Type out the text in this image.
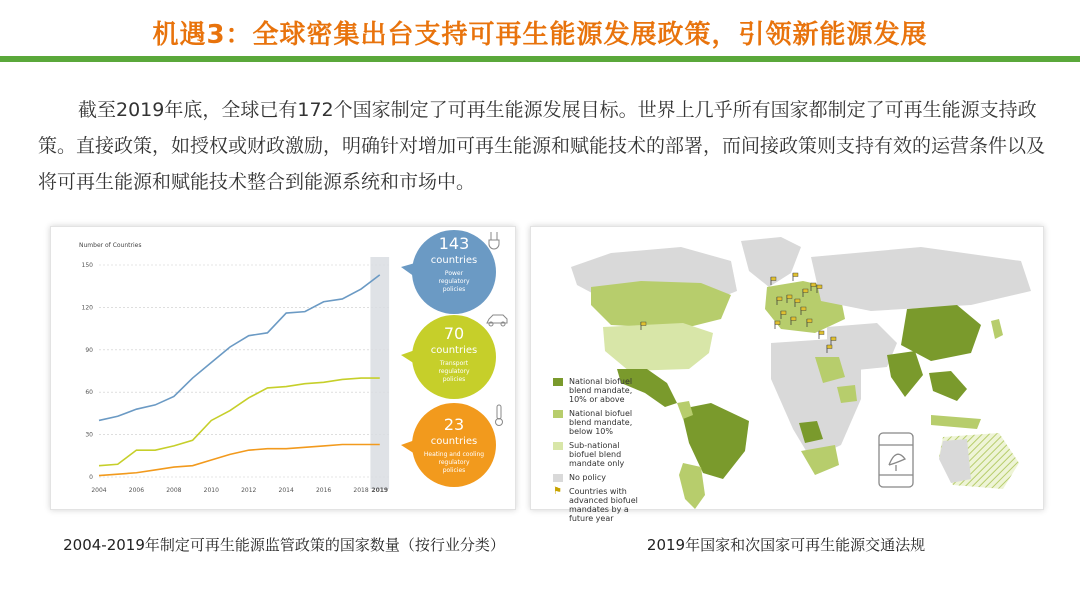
机遇3：全球密集出台支持可再生能源发展政策，引领新能源发展
截至2019年底，全球已有172个国家制定了可再生能源发展目标。世界上几乎所有国家都制定了可再生能源支持政策。直接政策，如授权或财政激励，明确针对增加可再生能源和赋能技术的部署，而间接政策则支持有效的运营条件以及将可再生能源和赋能技术整合到能源系统和市场中。
Number of Countries
0
30
60
90
120
150
2004	2006	2008	2010	2012	2014	2016	2018 2019
143
countries
Power regulatory policies
70
countries
Transport regulatory policies
23
countries
Heating and cooling regulatory policies
National biofuel blend mandate, 10% or above
National biofuel blend mandate, below 10%
Sub-national biofuel blend mandate only
No policy
⚑ Countries with advanced biofuel mandates by a future year
2004-2019年制定可再生能源监管政策的国家数量（按行业分类）	2019年国家和次国家可再生能源交通法规
